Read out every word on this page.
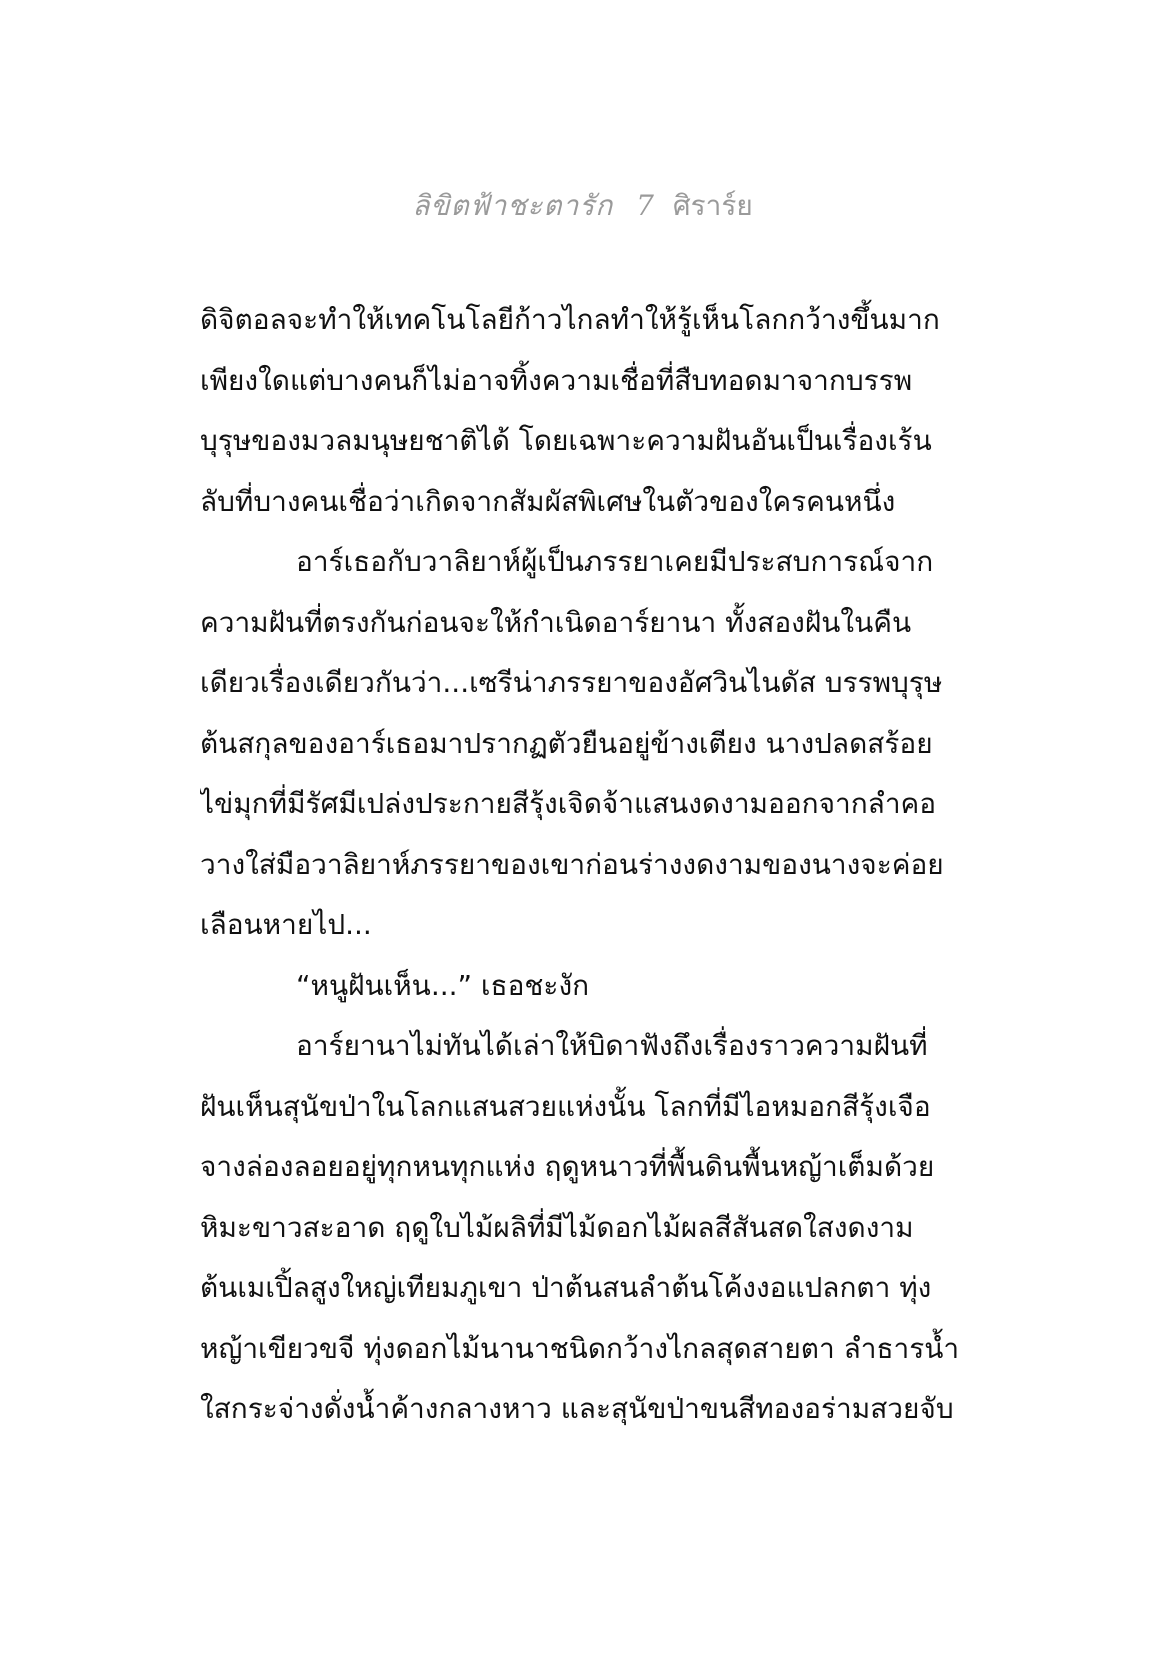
ลิขิตฟ้าชะตารัก 7 ศิราร์ย
ดิจิตอลจะทำให้เทคโนโลยีก้าวไกลทำให้รู้เห็นโลกกว้างขึ้นมาก
เพียงใดแต่บางคนก็ไม่อาจทิ้งความเชื่อที่สืบทอดมาจากบรรพ
บุรุษของมวลมนุษยชาติได้ โดยเฉพาะความฝันอันเป็นเรื่องเร้น
ลับที่บางคนเชื่อว่าเกิดจากสัมผัสพิเศษในตัวของใครคนหนึ่ง
อาร์เธอกับวาลิยาห์ผู้เป็นภรรยาเคยมีประสบการณ์จาก
ความฝันที่ตรงกันก่อนจะให้กำเนิดอาร์ยานา ทั้งสองฝันในคืน
เดียวเรื่องเดียวกันว่า...เซรีน่าภรรยาของอัศวินไนดัส บรรพบุรุษ
ต้นสกุลของอาร์เธอมาปรากฏตัวยืนอยู่ข้างเตียง นางปลดสร้อย
ไข่มุกที่มีรัศมีเปล่งประกายสีรุ้งเจิดจ้าแสนงดงามออกจากลำคอ
วางใส่มือวาลิยาห์ภรรยาของเขาก่อนร่างงดงามของนางจะค่อย
เลือนหายไป...
“หนูฝันเห็น...” เธอชะงัก
อาร์ยานาไม่ทันได้เล่าให้บิดาฟังถึงเรื่องราวความฝันที่
ฝันเห็นสุนัขป่าในโลกแสนสวยแห่งนั้น โลกที่มีไอหมอกสีรุ้งเจือ
จางล่องลอยอยู่ทุกหนทุกแห่ง ฤดูหนาวที่พื้นดินพื้นหญ้าเต็มด้วย
หิมะขาวสะอาด ฤดูใบไม้ผลิที่มีไม้ดอกไม้ผลสีสันสดใสงดงาม
ต้นเมเปิ้ลสูงใหญ่เทียมภูเขา ป่าต้นสนลำต้นโค้งงอแปลกตา ทุ่ง
หญ้าเขียวขจี ทุ่งดอกไม้นานาชนิดกว้างไกลสุดสายตา ลำธารน้ำ
ใสกระจ่างดั่งน้ำค้างกลางหาว และสุนัขป่าขนสีทองอร่ามสวยจับ
